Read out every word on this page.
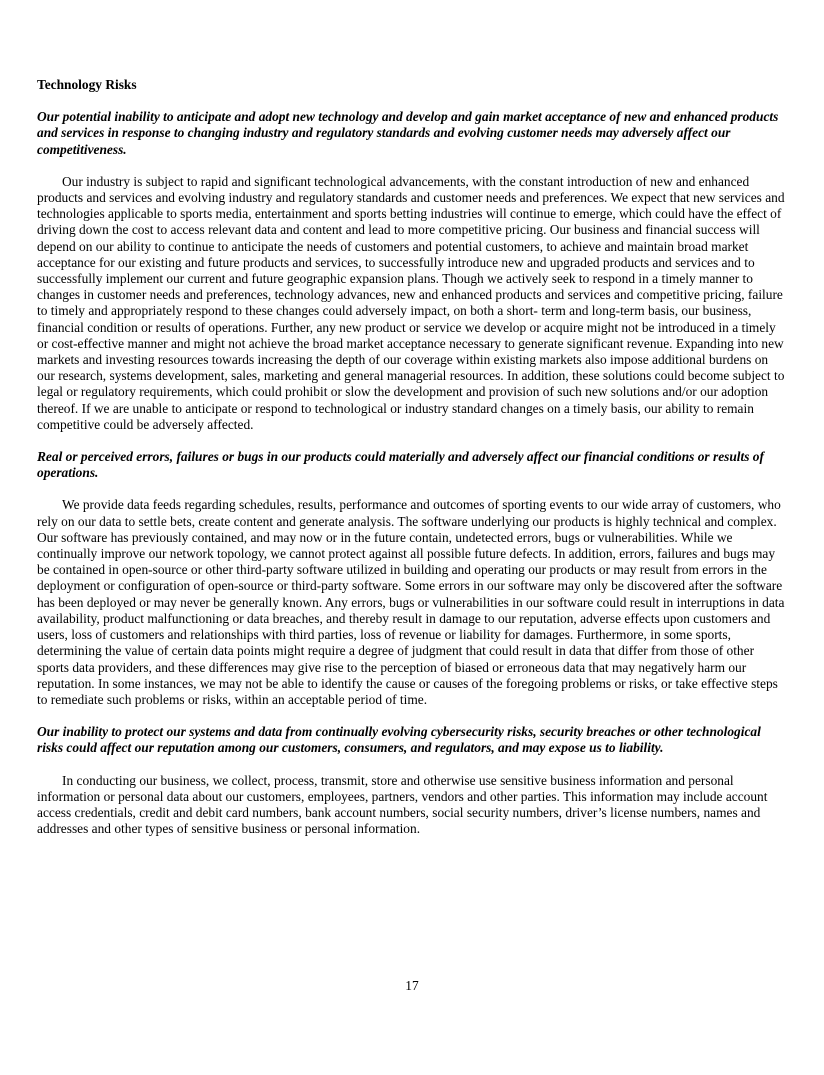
Technology Risks
Our potential inability to anticipate and adopt new technology and develop and gain market acceptance of new and enhanced products and services in response to changing industry and regulatory standards and evolving customer needs may adversely affect our competitiveness.

Our industry is subject to rapid and significant technological advancements, with the constant introduction of new and enhanced products and services and evolving industry and regulatory standards and customer needs and preferences. We expect that new services and technologies applicable to sports media, entertainment and sports betting industries will continue to emerge, which could have the effect of driving down the cost to access relevant data and content and lead to more competitive pricing. Our business and financial success will depend on our ability to continue to anticipate the needs of customers and potential customers, to achieve and maintain broad market acceptance for our existing and future products and services, to successfully introduce new and upgraded products and services and to successfully implement our current and future geographic expansion plans. Though we actively seek to respond in a timely manner to changes in customer needs and preferences, technology advances, new and enhanced products and services and competitive pricing, failure to timely and appropriately respond to these changes could adversely impact, on both a short- term and long-term basis, our business, financial condition or results of operations. Further, any new product or service we develop or acquire might not be introduced in a timely or cost-effective manner and might not achieve the broad market acceptance necessary to generate significant revenue. Expanding into new markets and investing resources towards increasing the depth of our coverage within existing markets also impose additional burdens on our research, systems development, sales, marketing and general managerial resources. In addition, these solutions could become subject to legal or regulatory requirements, which could prohibit or slow the development and provision of such new solutions and/or our adoption thereof. If we are unable to anticipate or respond to technological or industry standard changes on a timely basis, our ability to remain competitive could be adversely affected.

Real or perceived errors, failures or bugs in our products could materially and adversely affect our financial conditions or results of operations.

We provide data feeds regarding schedules, results, performance and outcomes of sporting events to our wide array of customers, who rely on our data to settle bets, create content and generate analysis. The software underlying our products is highly technical and complex. Our software has previously contained, and may now or in the future contain, undetected errors, bugs or vulnerabilities. While we continually improve our network topology, we cannot protect against all possible future defects. In addition, errors, failures and bugs may be contained in open-source or other third-party software utilized in building and operating our products or may result from errors in the deployment or configuration of open-source or third-party software. Some errors in our software may only be discovered after the software has been deployed or may never be generally known. Any errors, bugs or vulnerabilities in our software could result in interruptions in data availability, product malfunctioning or data breaches, and thereby result in damage to our reputation, adverse effects upon customers and users, loss of customers and relationships with third parties, loss of revenue or liability for damages. Furthermore, in some sports, determining the value of certain data points might require a degree of judgment that could result in data that differ from those of other sports data providers, and these differences may give rise to the perception of biased or erroneous data that may negatively harm our reputation. In some instances, we may not be able to identify the cause or causes of the foregoing problems or risks, or take effective steps to remediate such problems or risks, within an acceptable period of time.

Our inability to protect our systems and data from continually evolving cybersecurity risks, security breaches or other technological risks could affect our reputation among our customers, consumers, and regulators, and may expose us to liability.

In conducting our business, we collect, process, transmit, store and otherwise use sensitive business information and personal information or personal data about our customers, employees, partners, vendors and other parties. This information may include account access credentials, credit and debit card numbers, bank account numbers, social security numbers, driver’s license numbers, names and addresses and other types of sensitive business or personal information.

17
